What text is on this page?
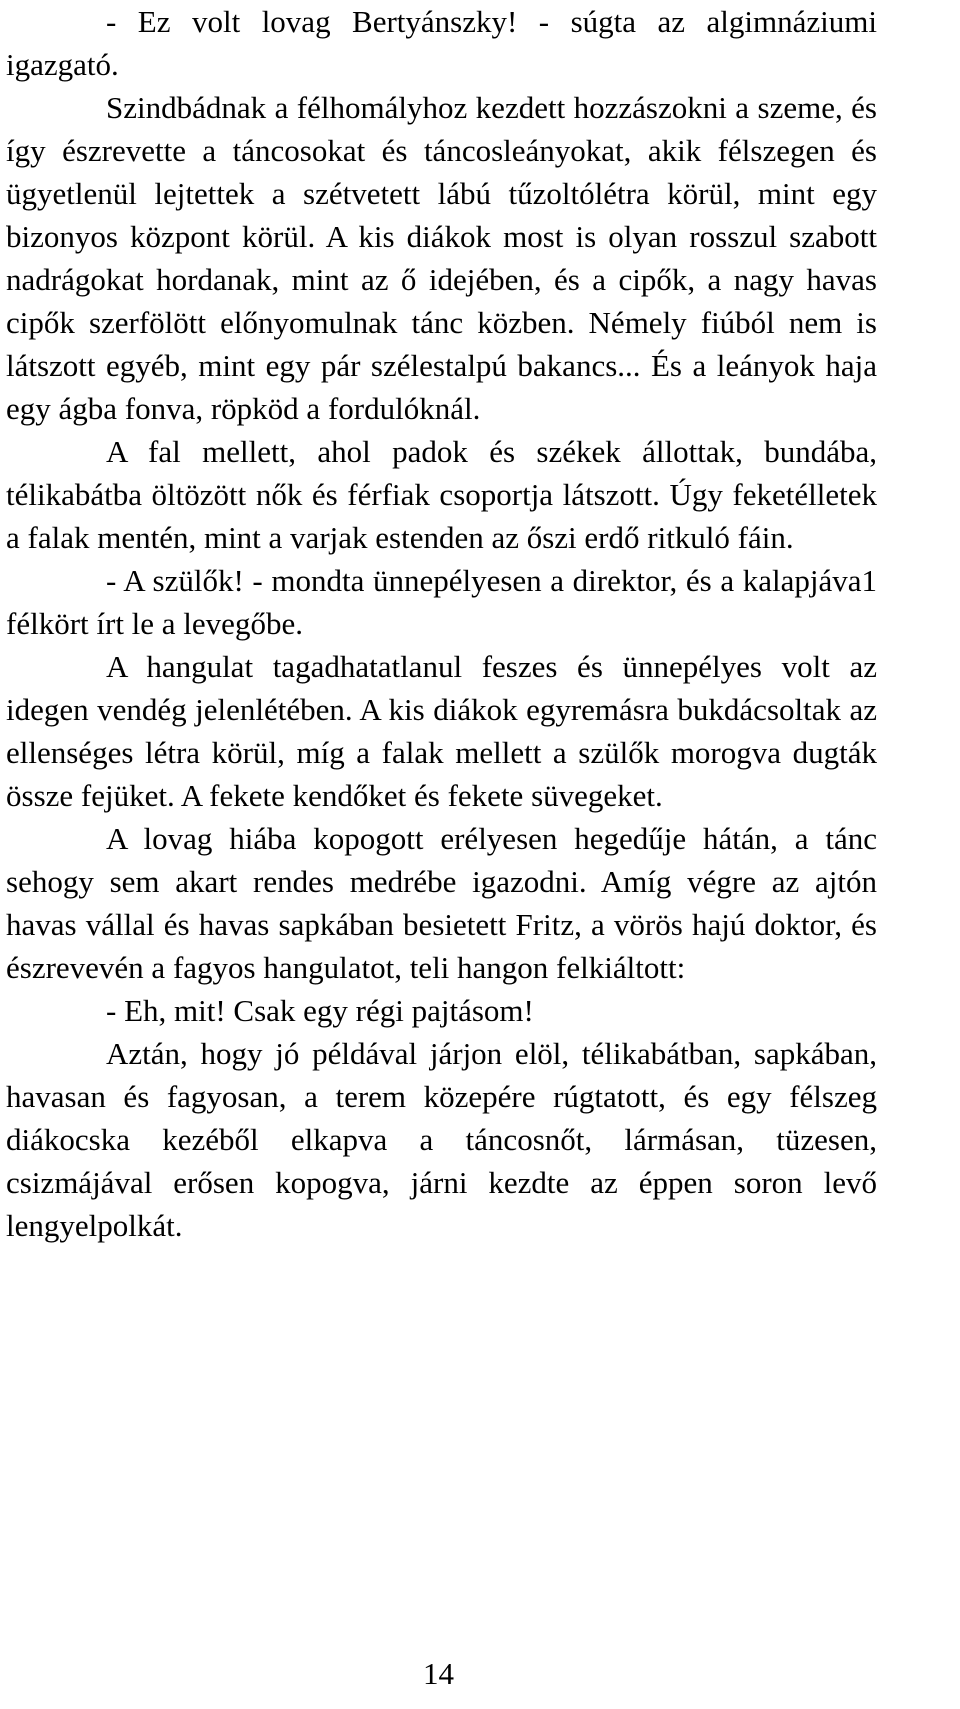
- Ez volt lovag Bertyánszky! - súgta az algimnáziumi igazgató.

Szindbádnak a félhomályhoz kezdett hozzászokni a szeme, és így észrevette a táncosokat és táncosleányokat, akik félszegen és ügyetlenül lejtettek a szétvetett lábú tűzoltólétra körül, mint egy bizonyos központ körül. A kis diákok most is olyan rosszul szabott nadrágokat hordanak, mint az ő idejében, és a cipők, a nagy havas cipők szerfölött előnyomulnak tánc közben. Némely fiúból nem is látszott egyéb, mint egy pár szélestalpú bakancs... És a leányok haja egy ágba fonva, röpköd a fordulóknál.

A fal mellett, ahol padok és székek állottak, bundába, télikabátba öltözött nők és férfiak csoportja látszott. Úgy feketélletek a falak mentén, mint a varjak estenden az őszi erdő ritkuló fáin.

- A szülők! - mondta ünnepélyesen a direktor, és a kalapjáva1 félkört írt le a levegőbe.

A hangulat tagadhatatlanul feszes és ünnepélyes volt az idegen vendég jelenlétében. A kis diákok egyremásra bukdácsoltak az ellenséges létra körül, míg a falak mellett a szülők morogva dugták össze fejüket. A fekete kendőket és fekete süvegeket.

A lovag hiába kopogott erélyesen hegedűje hátán, a tánc sehogy sem akart rendes medrébe igazodni. Amíg végre az ajtón havas vállal és havas sapkában besietett Fritz, a vörös hajú doktor, és észrevevén a fagyos hangulatot, teli hangon felkiáltott:

- Eh, mit! Csak egy régi pajtásom!

Aztán, hogy jó példával járjon elöl, télikabátban, sapkában, havasan és fagyosan, a terem közepére rúgtatott, és egy félszeg diákocska kezéből elkapva a táncosnőt, lármásan, tüzesen, csizmájával erősen kopogva, járni kezdte az éppen soron levő lengyelpolkát.

14
